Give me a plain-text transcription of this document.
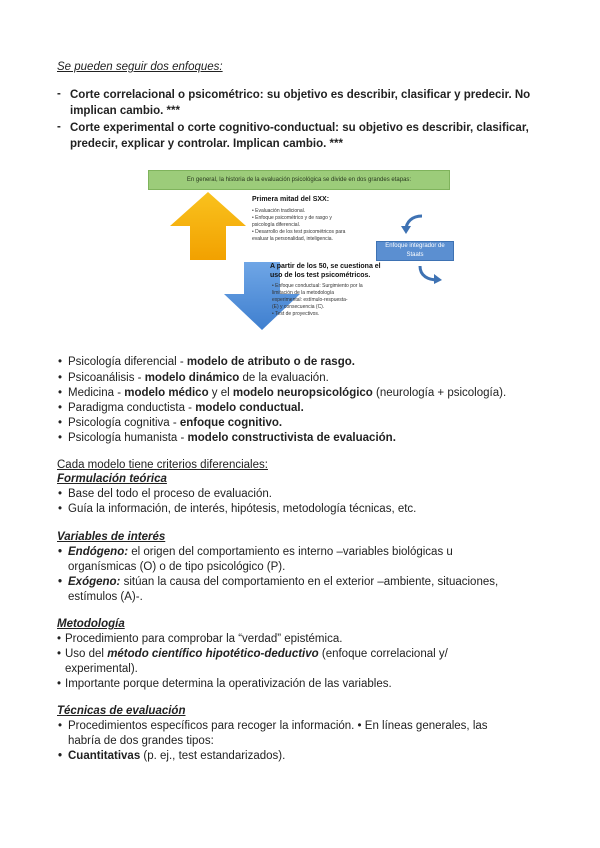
Se pueden seguir dos enfoques:
- Corte correlacional o psicométrico: su objetivo es describir, clasificar y predecir. No
implican cambio. ***
- Corte experimental o corte cognitivo-conductual: su objetivo es describir, clasificar,
predecir, explicar y controlar. Implican cambio. ***
En general, la historia de la evaluación psicológica se divide en dos grandes etapas:
Primera mitad del SXX:
• Evaluación tradicional.
• Enfoque psicométrico y de rasgo y
psicología diferencial.
• Desarrollo de los test psicométricos para
evaluar la personalidad, inteligencia.
A partir de los 50, se cuestiona el
uso de los test psicométricos.
• Enfoque conductual: Surgimiento por la
limitación de la metodología
experimental: estímulo-respuesta-
(E) y consecuencia (C).
• Test de proyectivos.
Enfoque integrador de Staats
• Psicología diferencial - modelo de atributo o de rasgo.
• Psicoanálisis - modelo dinámico de la evaluación.
• Medicina - modelo médico y el modelo neuropsicológico (neurología + psicología).
• Paradigma conductista - modelo conductual.
• Psicología cognitiva - enfoque cognitivo.
• Psicología humanista - modelo constructivista de evaluación.
Cada modelo tiene criterios diferenciales:
Formulación teórica
• Base del todo el proceso de evaluación.
• Guía la información, de interés, hipótesis, metodología técnicas, etc.
Variables de interés
• Endógeno: el origen del comportamiento es interno –variables biológicas u
organísmicas (O) o de tipo psicológico (P).
• Exógeno: sitúan la causa del comportamiento en el exterior –ambiente, situaciones,
estímulos (A)-.
Metodología
• Procedimiento para comprobar la “verdad” epistémica.
• Uso del método científico hipotético-deductivo (enfoque correlacional y/
experimental).
• Importante porque determina la operativización de las variables.
Técnicas de evaluación
• Procedimientos específicos para recoger la información. • En líneas generales, las
habría de dos grandes tipos:
• Cuantitativas (p. ej., test estandarizados).
